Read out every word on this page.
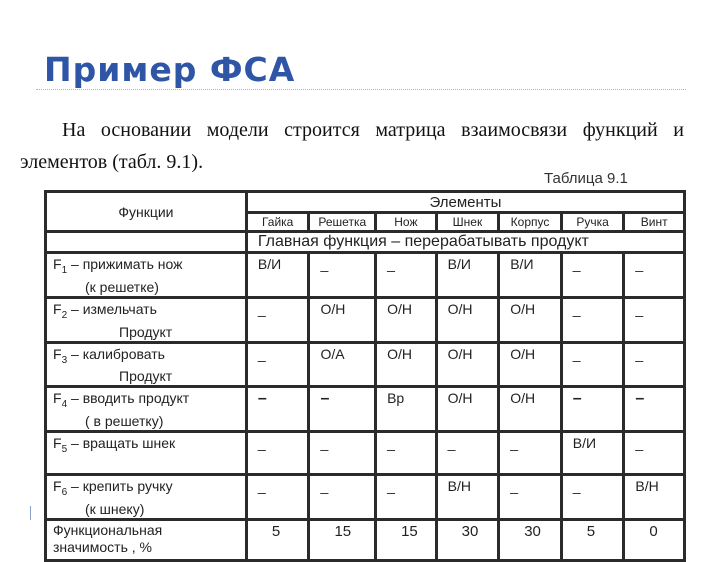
Пример ФСА
На основании модели строится матрица взаимосвязи функций и элементов (табл. 9.1).
Таблица 9.1
Функции	Элементы						
	Гайка	Решетка	Нож	Шнек	Корпус	Ручка	Винт
	Главная функция – перерабатывать продукт						
$F_1$ – прижимать нож
(к решетке)	В/И	_	_	В/И	В/И	_	_
$F_2$ – измельчать
Продукт	_	О/Н	О/Н	О/Н	О/Н	_	_
$F_3$ – калибровать
Продукт	_	О/А	О/Н	О/Н	О/Н	_	_
$F_4$ – вводить продукт
( в решетку)	–	–	Вр	О/Н	О/Н	–	–
$F_5$ – вращать шнек	_	_	_	_	_	В/И	_
$F_6$ – крепить ручку
(к шнеку)	_	_	_	В/Н	_	_	В/Н

Функциональная
значимость , %	5	15	15	30	30	5	0
